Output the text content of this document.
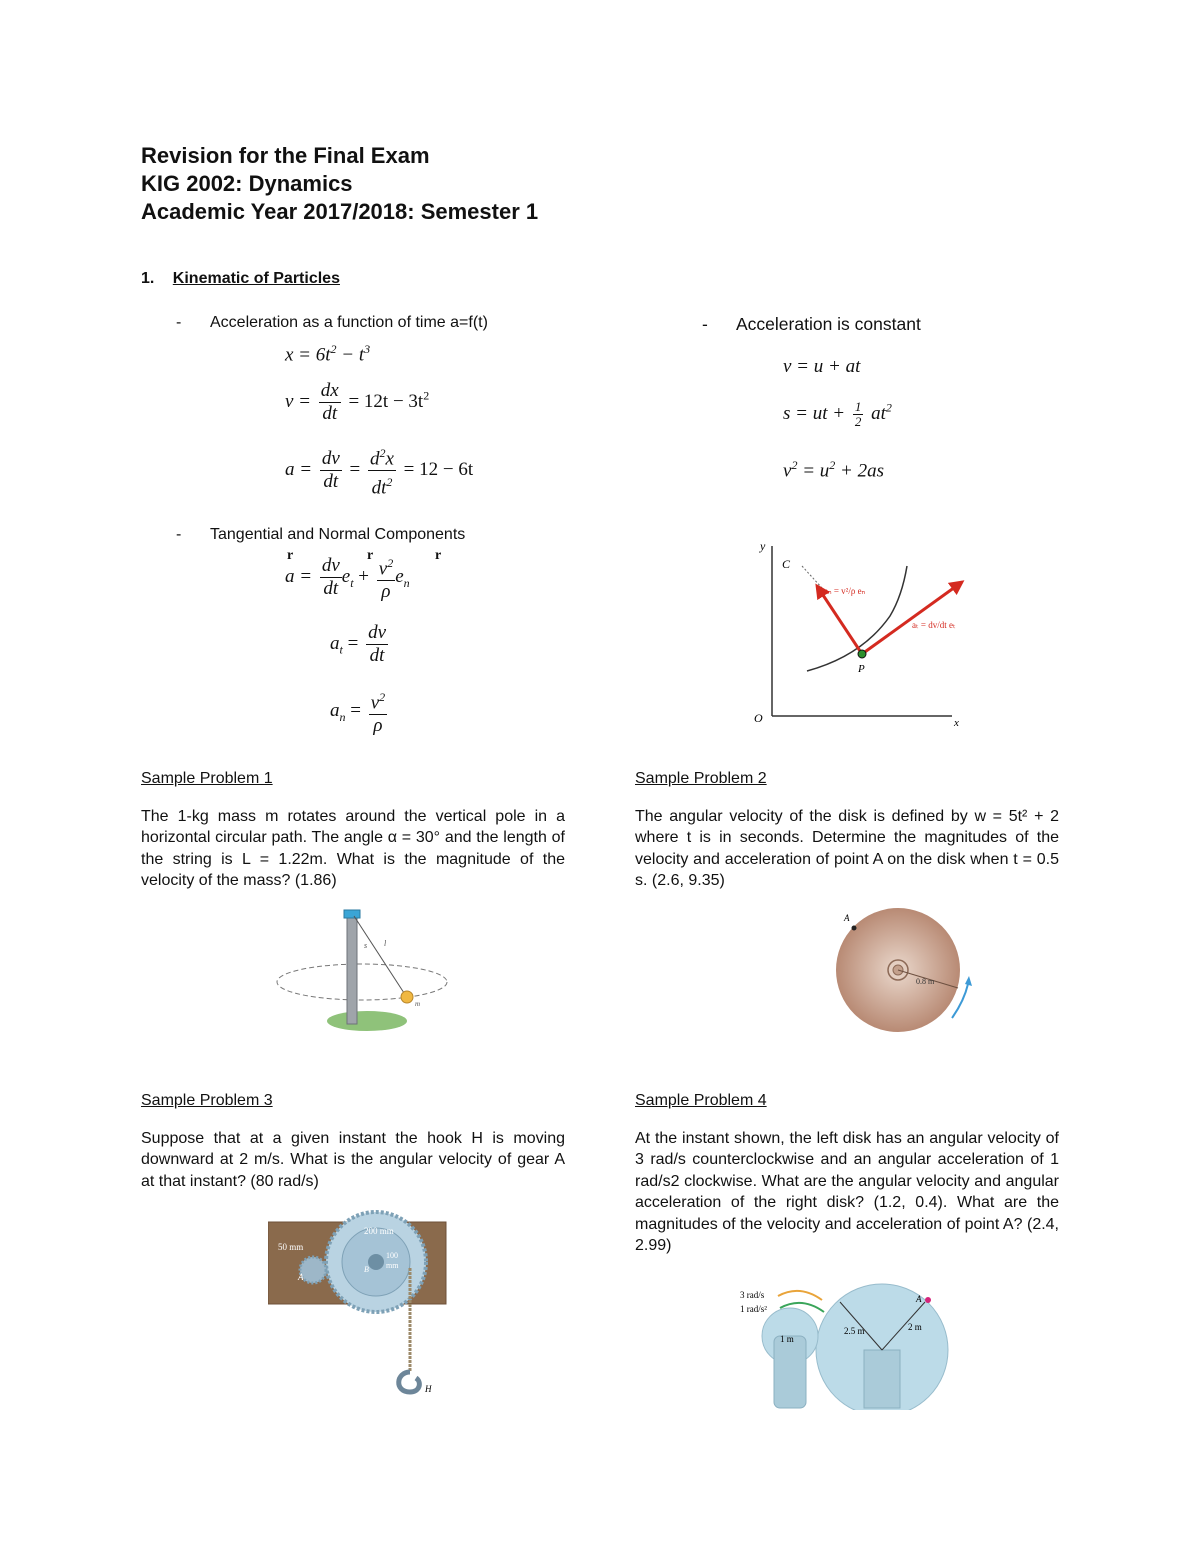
Revision for the Final Exam
KIG 2002: Dynamics
Academic Year 2017/2018: Semester 1
1. Kinematic of Particles
- Acceleration as a function of time a=f(t)	- Acceleration is constant
$x = 6t^2 - t^3$
$v = \frac{dx}{dt} = 12t - 3t^2$
$a = \frac{dv}{dt} = \frac{d^2x}{dt^2} = 12 - 6t$
v = u + at
s = ut + $\frac{1}{2} at^2$
$v^2 = u^2 + 2as$
- Tangential and Normal Components
r	r	r
$a = \frac{dv}{dt} e_t + \frac{v^2}{\rho} e_n$
$a_t = \frac{dv}{dt}$
$a_n = \frac{v^2}{\rho}$
y
x
O
C
P
aₙ = v²/ρ eₙ
aₜ = dv/dt eₜ
Sample Problem 1
The 1-kg mass m rotates around the vertical pole in a horizontal circular path. The angle α = 30° and the length of the string is L = 1.22m. What is the magnitude of the velocity of the mass? (1.86)
s l
m
Sample Problem 2
The angular velocity of the disk is defined by w = 5t² + 2 where t is in seconds. Determine the magnitudes of the velocity and acceleration of point A on the disk when t = 0.5 s. (2.6, 9.35)
A
0.8 m
Sample Problem 3
Suppose that at a given instant the hook H is moving downward at 2 m/s. What is the angular velocity of gear A at that instant? (80 rad/s)
50 mm
200 mm
100
mm
A
B
H
Sample Problem 4
At the instant shown, the left disk has an angular velocity of 3 rad/s counterclockwise and an angular acceleration of 1 rad/s2 clockwise. What are the angular velocity and angular acceleration of the right disk? (1.2, 0.4). What are the magnitudes of the velocity and acceleration of point A? (2.4, 2.99)
A
3 rad/s
1 rad/s²
1 m
2.5 m	2 m
